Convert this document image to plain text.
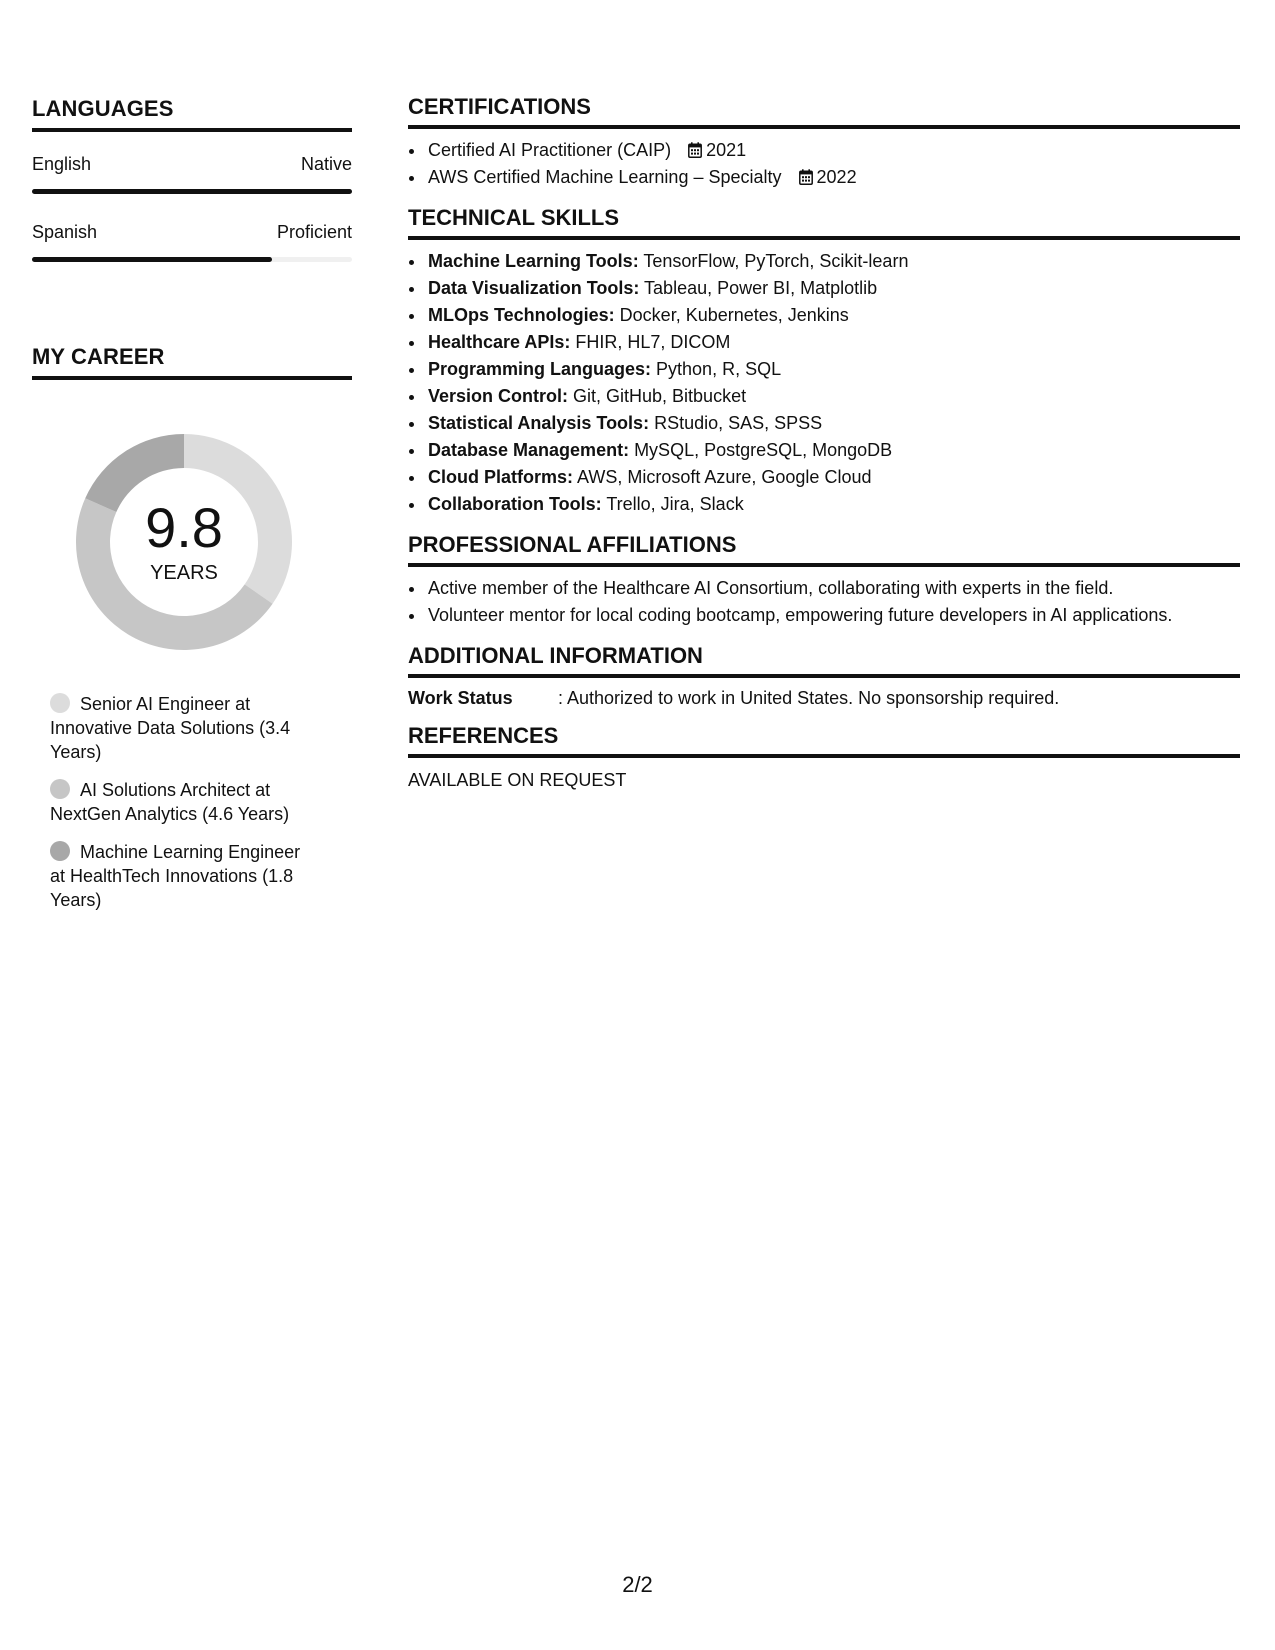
LANGUAGES
English	Native
Spanish	Proficient
MY CAREER
9.8
YEARS
Senior AI Engineer at Innovative Data Solutions (3.4 Years)
AI Solutions Architect at NextGen Analytics (4.6 Years)
Machine Learning Engineer at HealthTech Innovations (1.8 Years)
CERTIFICATIONS
• Certified AI Practitioner (CAIP) 2021
• AWS Certified Machine Learning – Specialty 2022
TECHNICAL SKILLS
• Machine Learning Tools: TensorFlow, PyTorch, Scikit-learn
• Data Visualization Tools: Tableau, Power BI, Matplotlib
• MLOps Technologies: Docker, Kubernetes, Jenkins
• Healthcare APIs: FHIR, HL7, DICOM
• Programming Languages: Python, R, SQL
• Version Control: Git, GitHub, Bitbucket
• Statistical Analysis Tools: RStudio, SAS, SPSS
• Database Management: MySQL, PostgreSQL, MongoDB
• Cloud Platforms: AWS, Microsoft Azure, Google Cloud
• Collaboration Tools: Trello, Jira, Slack
PROFESSIONAL AFFILIATIONS
• Active member of the Healthcare AI Consortium, collaborating with experts in the field.
• Volunteer mentor for local coding bootcamp, empowering future developers in AI applications.
ADDITIONAL INFORMATION
Work Status	: Authorized to work in United States. No sponsorship required.
REFERENCES
AVAILABLE ON REQUEST
2/2
